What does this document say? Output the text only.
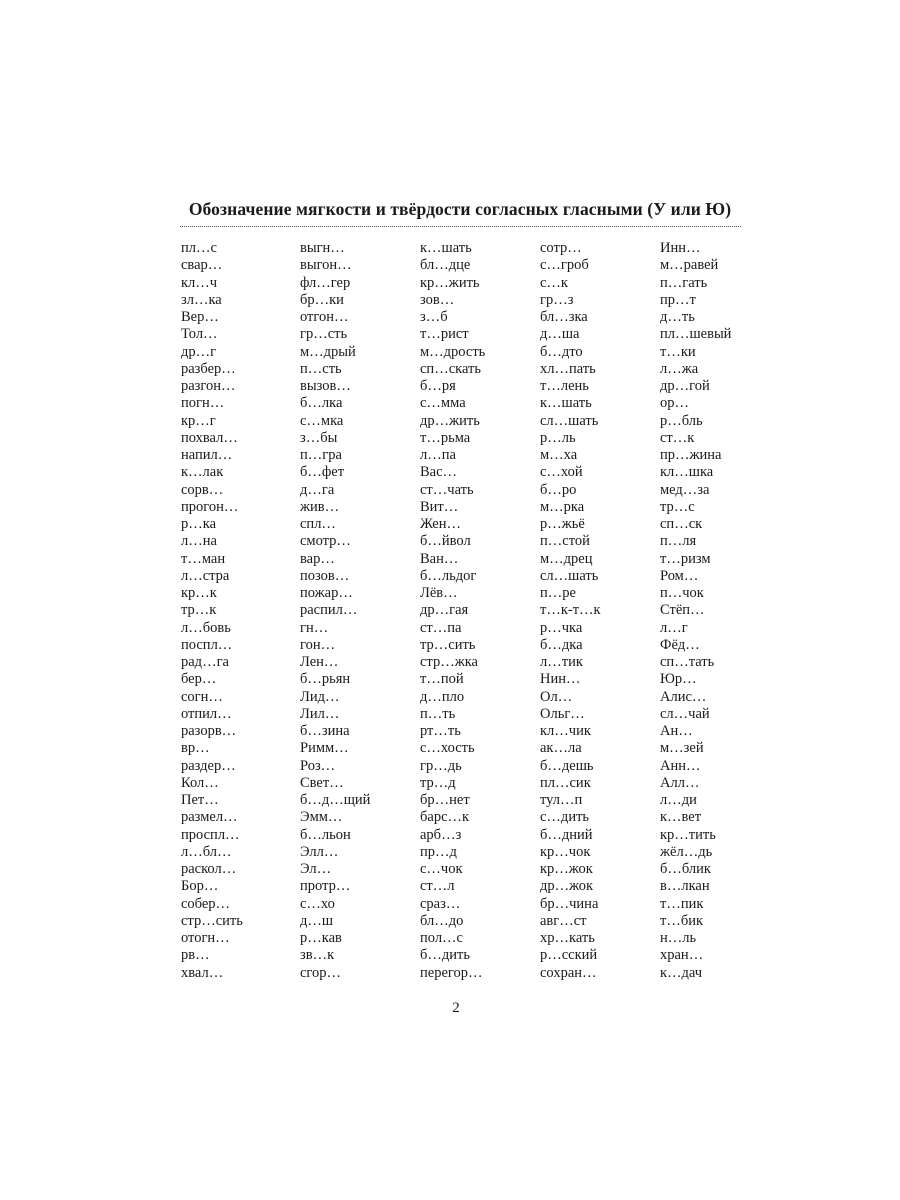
Обозначение мягкости и твёрдости согласных гласными (У или Ю)
пл…с
свар…
кл…ч
зл…ка
Вер…
Тол…
др…г
разбер…
разгон…
погн…
кр…г
похвал…
напил…
к…лак
сорв…
прогон…
р…ка
л…на
т…ман
л…стра
кр…к
тр…к
л…бовь
поспл…
рад…га
бер…
согн…
отпил…
разорв…
вр…
раздер…
Кол…
Пет…
размел…
проспл…
л…бл…
раскол…
Бор…
собер…
стр…сить
отогн…
рв…
хвал…
выгн…
выгон…
фл…гер
бр…ки
отгон…
гр…сть
м…дрый
п…сть
вызов…
б…лка
с…мка
з…бы
п…гра
б…фет
д…га
жив…
спл…
смотр…
вар…
позов…
пожар…
распил…
гн…
гон…
Лен…
б…рьян
Лид…
Лил…
б…зина
Римм…
Роз…
Свет…
б…д…щий
Эмм…
б…льон
Элл…
Эл…
протр…
с…хо
д…ш
р…кав
зв…к
сгор…
к…шать
бл…дце
кр…жить
зов…
з…б
т…рист
м…дрость
сп…скать
б…ря
с…мма
др…жить
т…рьма
л…па
Вас…
ст…чать
Вит…
Жен…
б…йвол
Ван…
б…льдог
Лёв…
др…гая
ст…па
тр…сить
стр…жка
т…пой
д…пло
п…ть
рт…ть
с…хость
гр…дь
тр…д
бр…нет
барс…к
арб…з
пр…д
с…чок
ст…л
сраз…
бл…до
пол…с
б…дить
перегор…
сотр…
с…гроб
с…к
гр…з
бл…зка
д…ша
б…дто
хл…пать
т…лень
к…шать
сл…шать
р…ль
м…ха
с…хой
б…ро
м…рка
р…жьё
п…стой
м…дрец
сл…шать
п…ре
т…к-т…к
р…чка
б…дка
л…тик
Нин…
Ол…
Ольг…
кл…чик
ак…ла
б…дешь
пл…сик
тул…п
с…дить
б…дний
кр…чок
кр…жок
др…жок
бр…чина
авг…ст
хр…кать
р…сский
сохран…
Инн…
м…равей
п…гать
пр…т
д…ть
пл…шевый
т…ки
л…жа
др…гой
ор…
р…бль
ст…к
пр…жина
кл…шка
мед…за
тр…с
сп…ск
п…ля
т…ризм
Ром…
п…чок
Стёп…
л…г
Фёд…
сп…тать
Юр…
Алис…
сл…чай
Ан…
м…зей
Анн…
Алл…
л…ди
к…вет
кр…тить
жёл…дь
б…блик
в…лкан
т…пик
т…бик
н…ль
хран…
к…дач
2
